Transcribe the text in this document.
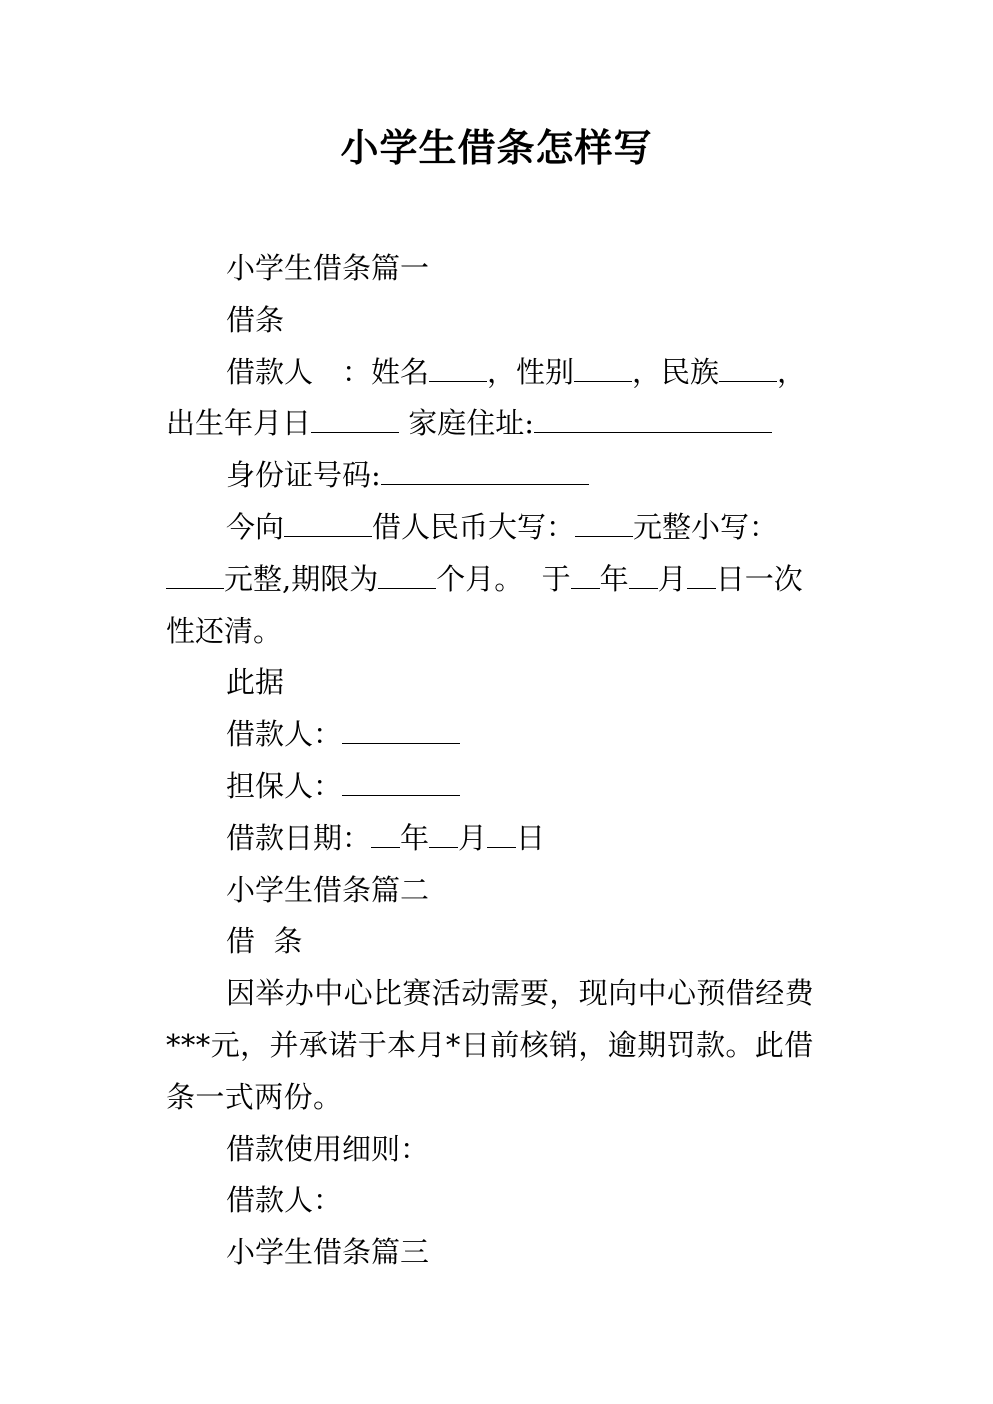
小学生借条怎样写

小学生借条篇一

借条

借款人　：姓名 ，性别 ，民族 ，

出生年月日	家庭住址:

身份证号码:

今向	借人民币大写： 元整小写：

元整,期限为 个月。  于 年 月 日一次

性还清。

此据

借款人：

担保人：

借款日期： 年 月 日

小学生借条篇二

借  条

因举办中心比赛活动需要，现向中心预借经费***元，并承诺于本月*日前核销，逾期罚款。此借条一式两份。

借款使用细则：

借款人：

小学生借条篇三
